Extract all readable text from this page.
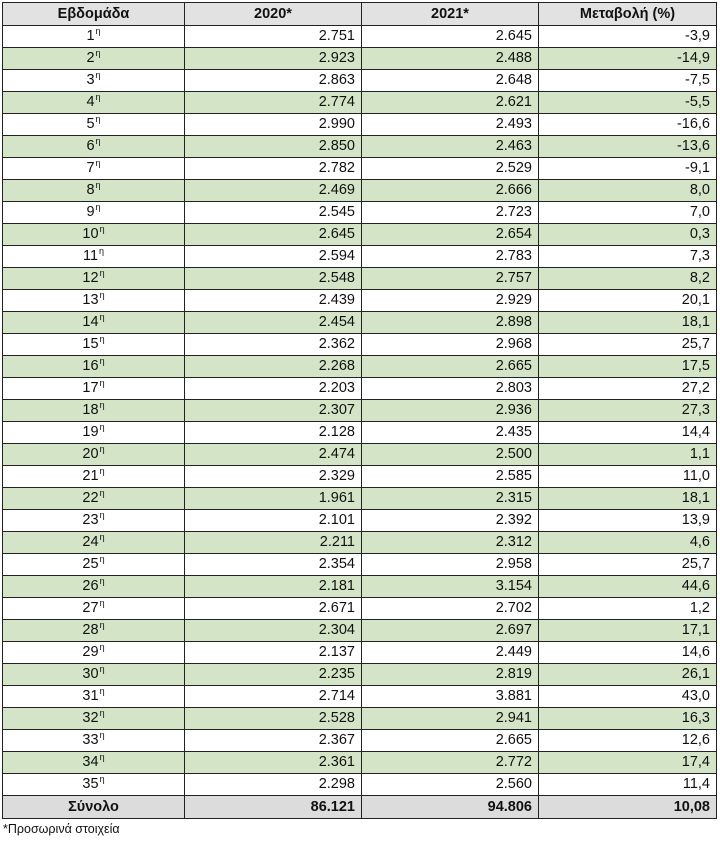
Εβδομάδα	2020*	2021*	Μεταβολή (%)
$1^\eta$	2.751	2.645	-3,9
$2^\eta$	2.923	2.488	-14,9
$3^\eta$	2.863	2.648	-7,5
$4^\eta$	2.774	2.621	-5,5
$5^\eta$	2.990	2.493	-16,6
$6^\eta$	2.850	2.463	-13,6
$7^\eta$	2.782	2.529	-9,1
$8^\eta$	2.469	2.666	8,0
$9^\eta$	2.545	2.723	7,0
$10^\eta$	2.645	2.654	0,3
$11^\eta$	2.594	2.783	7,3
$12^\eta$	2.548	2.757	8,2
$13^\eta$	2.439	2.929	20,1
$14^\eta$	2.454	2.898	18,1
$15^\eta$	2.362	2.968	25,7
$16^\eta$	2.268	2.665	17,5
$17^\eta$	2.203	2.803	27,2
$18^\eta$	2.307	2.936	27,3
$19^\eta$	2.128	2.435	14,4
$20^\eta$	2.474	2.500	1,1
$21^\eta$	2.329	2.585	11,0
$22^\eta$	1.961	2.315	18,1
$23^\eta$	2.101	2.392	13,9
$24^\eta$	2.211	2.312	4,6
$25^\eta$	2.354	2.958	25,7
$26^\eta$	2.181	3.154	44,6
$27^\eta$	2.671	2.702	1,2
$28^\eta$	2.304	2.697	17,1
$29^\eta$	2.137	2.449	14,6
$30^\eta$	2.235	2.819	26,1
$31^\eta$	2.714	3.881	43,0
$32^\eta$	2.528	2.941	16,3
$33^\eta$	2.367	2.665	12,6
$34^\eta$	2.361	2.772	17,4
$35^\eta$	2.298	2.560	11,4
Σύνολο	86.121	94.806	10,08
*Προσωρινά στοιχεία
